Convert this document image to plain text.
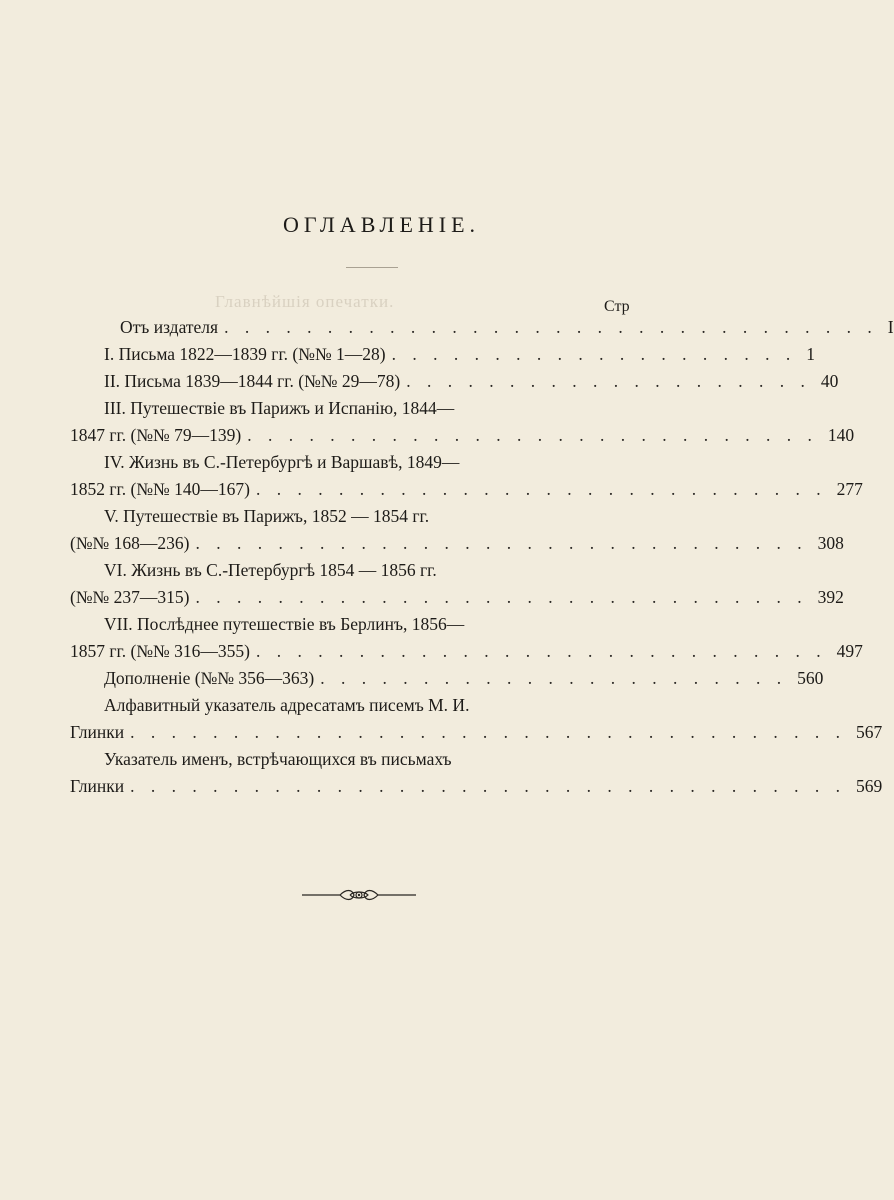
Главнѣйшія опечатки.
ОГЛАВЛЕНІЕ.
Стр
Отъ издателя . . . . . . . . . . . . . . . . . . . . . . . . . . . . . . . . I
I. Письма 1822—1839 гг. (№№ 1—28) . . . . . . . . . . . . . . . . . . . . 1
II. Письма 1839—1844 гг. (№№ 29—78) . . . . . . . . . . . . . . . . . . . . 40
III. Путешествіе въ Парижъ и Испанію, 1844—
1847 гг. (№№ 79—139) . . . . . . . . . . . . . . . . . . . . . . . . . . . . 140
IV. Жизнь въ С.-Петербургѣ и Варшавѣ, 1849—
1852 гг. (№№ 140—167) . . . . . . . . . . . . . . . . . . . . . . . . . . . . 277
V. Путешествіе въ Парижъ, 1852 — 1854 гг.
(№№ 168—236) . . . . . . . . . . . . . . . . . . . . . . . . . . . . . . 308
VI. Жизнь въ С.-Петербургѣ 1854 — 1856 гг.
(№№ 237—315) . . . . . . . . . . . . . . . . . . . . . . . . . . . . . . 392
VII. Послѣднее путешествіе въ Берлинъ, 1856—
1857 гг. (№№ 316—355) . . . . . . . . . . . . . . . . . . . . . . . . . . . . 497
Дополненіе (№№ 356—363) . . . . . . . . . . . . . . . . . . . . . . . 560
Алфавитный указатель адресатамъ писемъ М. И.
Глинки . . . . . . . . . . . . . . . . . . . . . . . . . . . . . . . . . . . 567
Указатель именъ, встрѣчающихся въ письмахъ
Глинки . . . . . . . . . . . . . . . . . . . . . . . . . . . . . . . . . . . 569
